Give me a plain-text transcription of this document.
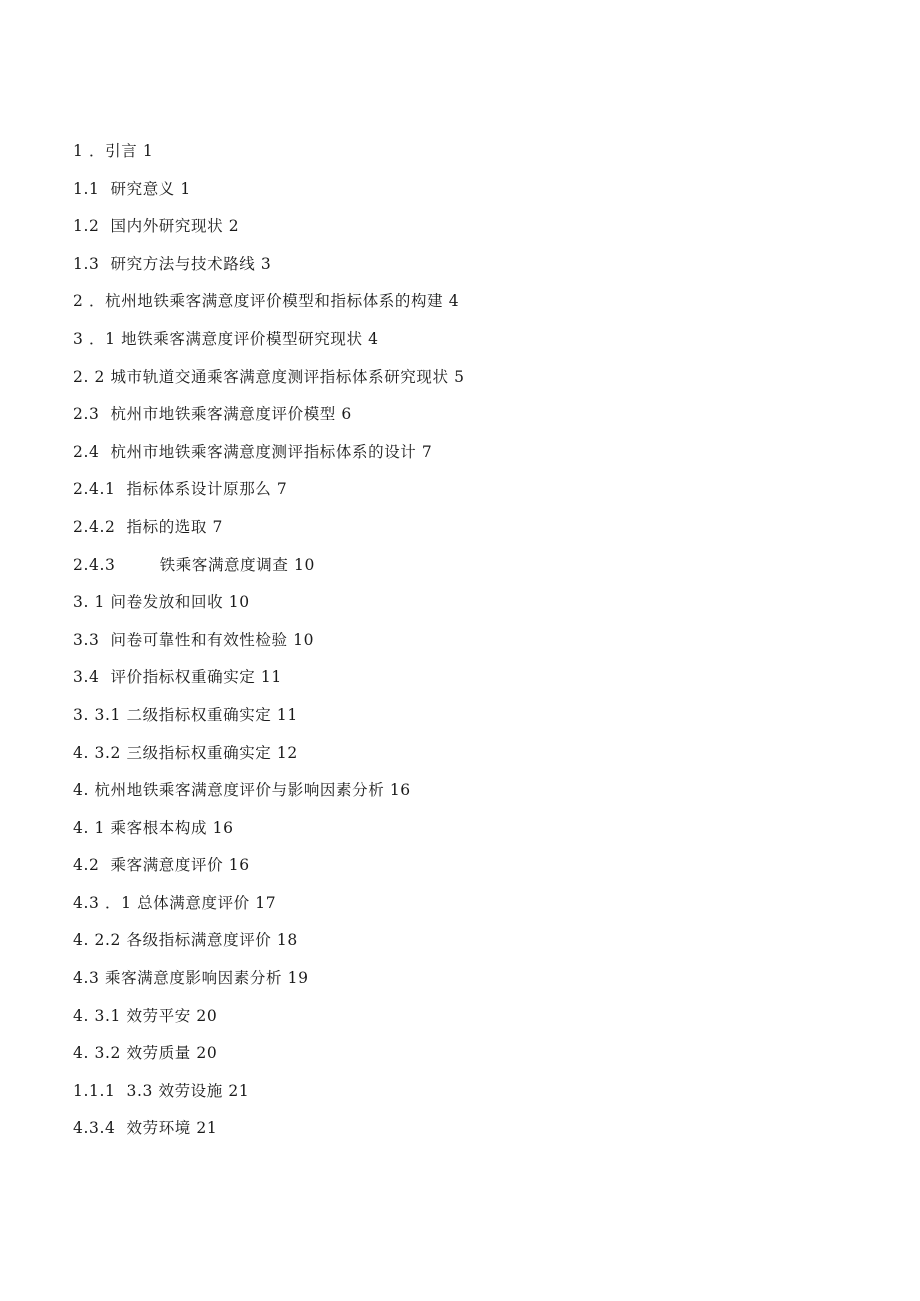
1 ．引言 1
1.1  研究意义 1
1.2  国内外研究现状 2
1.3  研究方法与技术路线 3
2 ．杭州地铁乘客满意度评价模型和指标体系的构建 4
3 ．1 地铁乘客满意度评价模型研究现状 4
2. 2 城市轨道交通乘客满意度测评指标体系研究现状 5
2.3  杭州市地铁乘客满意度评价模型 6
2.4  杭州市地铁乘客满意度测评指标体系的设计 7
2.4.1  指标体系设计原那么 7
2.4.2  指标的选取 7
2.4.3        铁乘客满意度调查 10
3. 1 问卷发放和回收 10
3.3  问卷可靠性和有效性检验 10
3.4  评价指标权重确实定 11
3. 3.1 二级指标权重确实定 11
4. 3.2 三级指标权重确实定 12
4. 杭州地铁乘客满意度评价与影响因素分析 16
4. 1 乘客根本构成 16
4.2  乘客满意度评价 16
4.3 ．1 总体满意度评价 17
4. 2.2 各级指标满意度评价 18
4.3 乘客满意度影响因素分析 19
4. 3.1 效劳平安 20
4. 3.2 效劳质量 20
1.1.1  3.3 效劳设施 21
4.3.4  效劳环境 21
